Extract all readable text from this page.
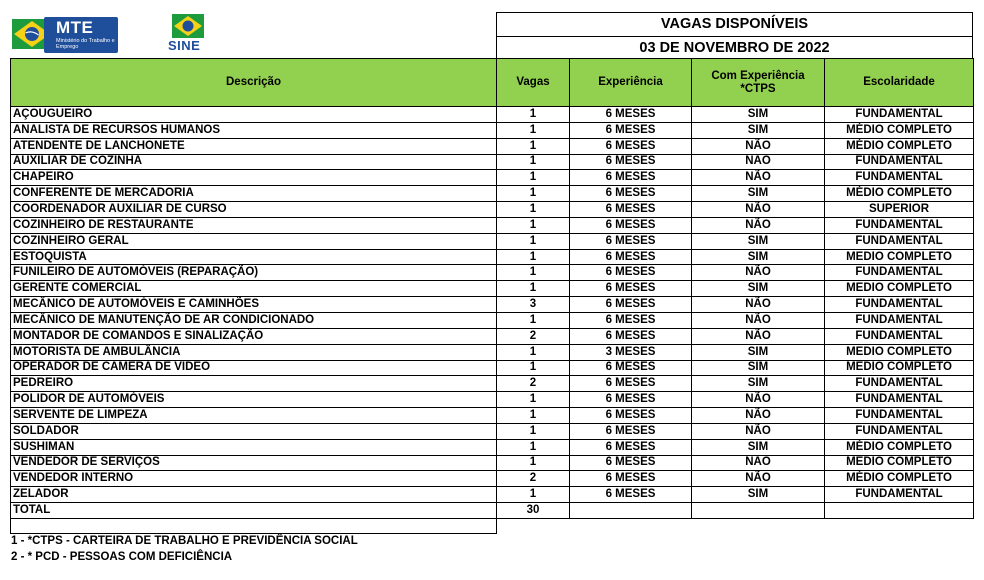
MTE
Ministério do Trabalho e Emprego	SINE
VAGAS DISPONÍVEIS
03 DE NOVEMBRO DE 2022
Descrição	Vagas	Experiência	Com Experiência *CTPS	Escolaridade
AÇOUGUEIRO	1	6 MESES	SIM	FUNDAMENTAL
ANALISTA DE RECURSOS HUMANOS	1	6 MESES	SIM	MÉDIO COMPLETO
ATENDENTE DE LANCHONETE	1	6 MESES	NÃO	MÉDIO COMPLETO
AUXILIAR DE COZINHA	1	6 MESES	NÃO	FUNDAMENTAL
CHAPEIRO	1	6 MESES	NÃO	FUNDAMENTAL
CONFERENTE DE MERCADORIA	1	6 MESES	SIM	MÉDIO COMPLETO
COORDENADOR AUXILIAR DE CURSO	1	6 MESES	NÃO	SUPERIOR
COZINHEIRO DE RESTAURANTE	1	6 MESES	NÃO	FUNDAMENTAL
COZINHEIRO GERAL	1	6 MESES	SIM	FUNDAMENTAL
ESTOQUISTA	1	6 MESES	SIM	MEDIO COMPLETO
FUNILEIRO DE AUTOMÓVEIS (REPARAÇÃO)	1	6 MESES	NÃO	FUNDAMENTAL
GERENTE COMERCIAL	1	6 MESES	SIM	MEDIO COMPLETO
MECÂNICO DE AUTOMÓVEIS E CAMINHÕES	3	6 MESES	NÃO	FUNDAMENTAL
MECÂNICO DE MANUTENÇÃO DE AR CONDICIONADO	1	6 MESES	NÃO	FUNDAMENTAL
MONTADOR DE COMANDOS E SINALIZAÇÃO	2	6 MESES	NÃO	FUNDAMENTAL
MOTORISTA DE AMBULÂNCIA	1	3 MESES	SIM	MEDIO COMPLETO
OPERADOR DE CÂMERA DE VÍDEO	1	6 MESES	SIM	MEDIO COMPLETO
PEDREIRO	2	6 MESES	SIM	FUNDAMENTAL
POLIDOR DE AUTOMÓVEIS	1	6 MESES	NÃO	FUNDAMENTAL
SERVENTE DE LIMPEZA	1	6 MESES	NÃO	FUNDAMENTAL
SOLDADOR	1	6 MESES	NÃO	FUNDAMENTAL
SUSHIMAN	1	6 MESES	SIM	MÉDIO COMPLETO
VENDEDOR DE SERVIÇOS	1	6 MESES	NÃO	MÉDIO COMPLETO
VENDEDOR INTERNO	2	6 MESES	NÃO	MÉDIO COMPLETO
ZELADOR	1	6 MESES	SIM	FUNDAMENTAL
TOTAL	30			
1 - *CTPS - CARTEIRA DE TRABALHO E PREVIDÊNCIA SOCIAL
2 - * PCD - PESSOAS COM DEFICIÊNCIA
